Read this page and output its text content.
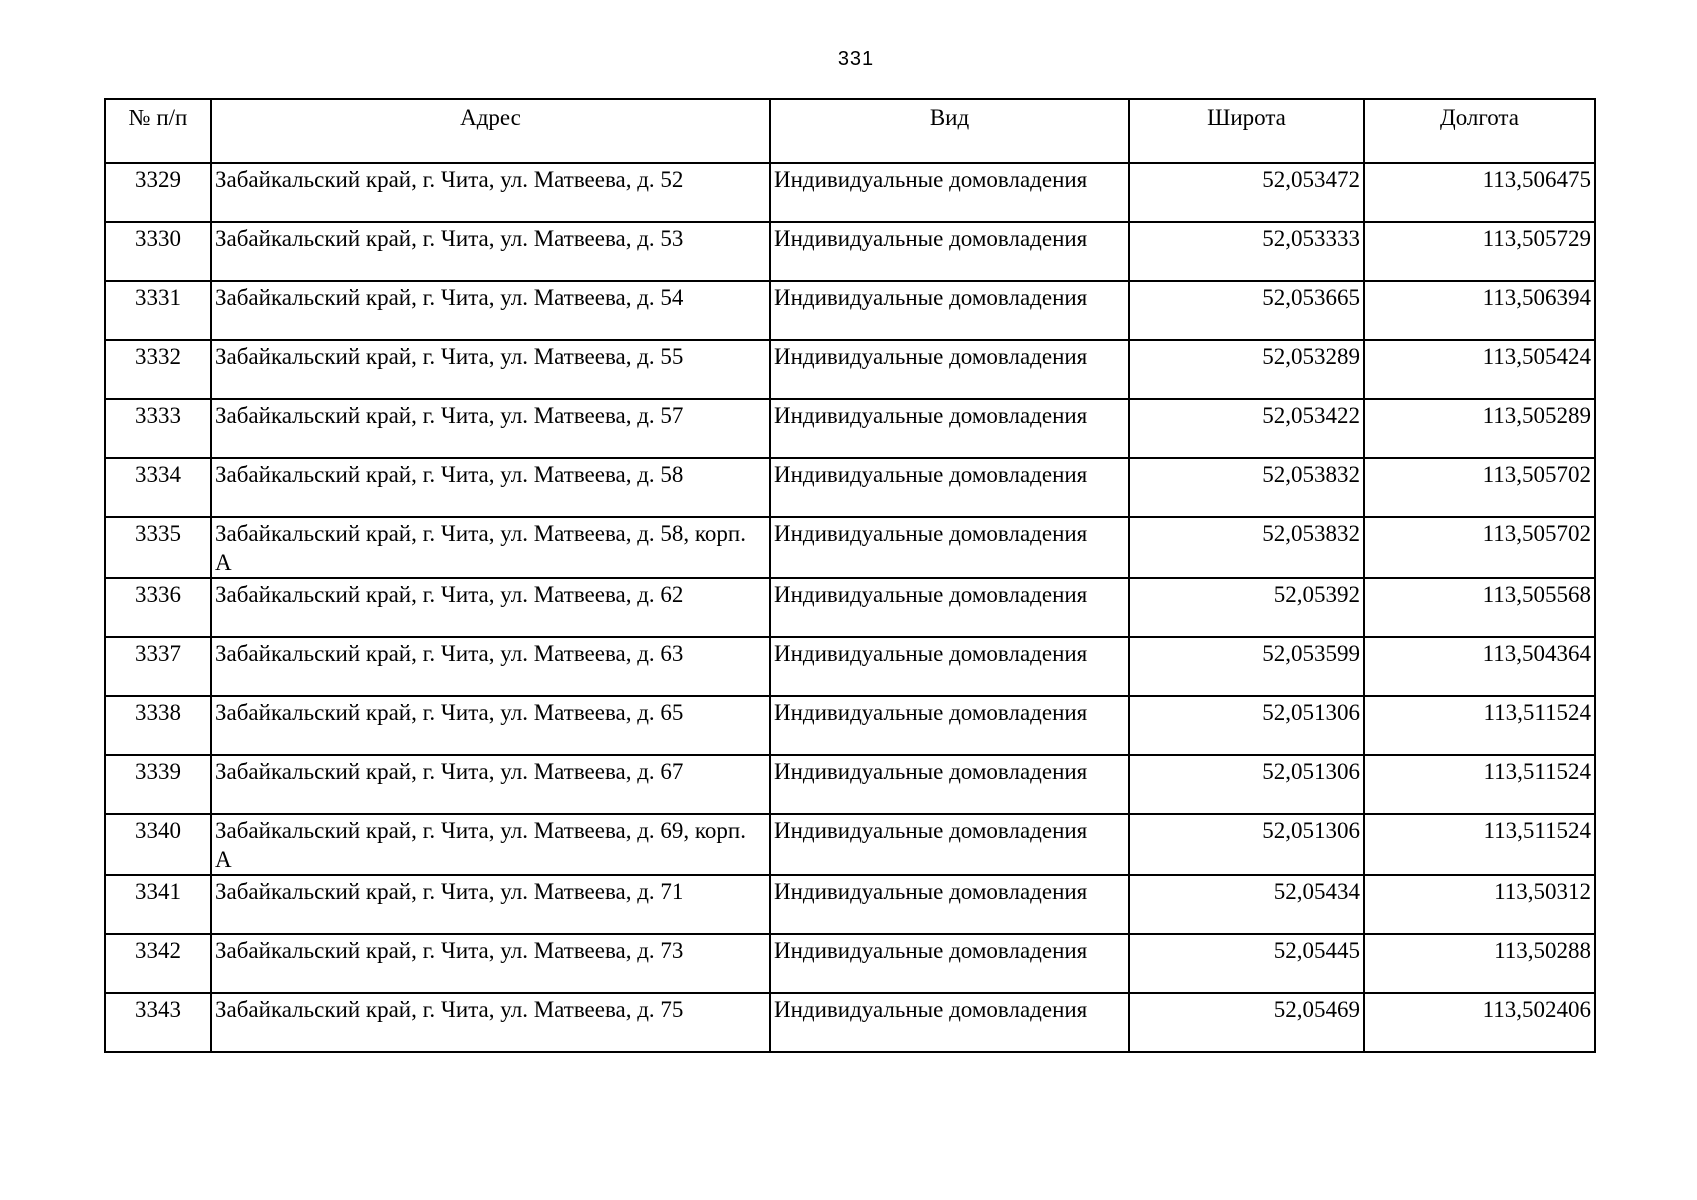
331
№ п/п	Адрес	Вид	Широта	Долгота
3329	Забайкальский край, г. Чита, ул. Матвеева, д. 52	Индивидуальные домовладения	52,053472	113,506475
3330	Забайкальский край, г. Чита, ул. Матвеева, д. 53	Индивидуальные домовладения	52,053333	113,505729
3331	Забайкальский край, г. Чита, ул. Матвеева, д. 54	Индивидуальные домовладения	52,053665	113,506394
3332	Забайкальский край, г. Чита, ул. Матвеева, д. 55	Индивидуальные домовладения	52,053289	113,505424
3333	Забайкальский край, г. Чита, ул. Матвеева, д. 57	Индивидуальные домовладения	52,053422	113,505289
3334	Забайкальский край, г. Чита, ул. Матвеева, д. 58	Индивидуальные домовладения	52,053832	113,505702
3335	Забайкальский край, г. Чита, ул. Матвеева, д. 58, корп. А	Индивидуальные домовладения	52,053832	113,505702
3336	Забайкальский край, г. Чита, ул. Матвеева, д. 62	Индивидуальные домовладения	52,05392	113,505568
3337	Забайкальский край, г. Чита, ул. Матвеева, д. 63	Индивидуальные домовладения	52,053599	113,504364
3338	Забайкальский край, г. Чита, ул. Матвеева, д. 65	Индивидуальные домовладения	52,051306	113,511524
3339	Забайкальский край, г. Чита, ул. Матвеева, д. 67	Индивидуальные домовладения	52,051306	113,511524
3340	Забайкальский край, г. Чита, ул. Матвеева, д. 69, корп. А	Индивидуальные домовладения	52,051306	113,511524
3341	Забайкальский край, г. Чита, ул. Матвеева, д. 71	Индивидуальные домовладения	52,05434	113,50312
3342	Забайкальский край, г. Чита, ул. Матвеева, д. 73	Индивидуальные домовладения	52,05445	113,50288
3343	Забайкальский край, г. Чита, ул. Матвеева, д. 75	Индивидуальные домовладения	52,05469	113,502406
